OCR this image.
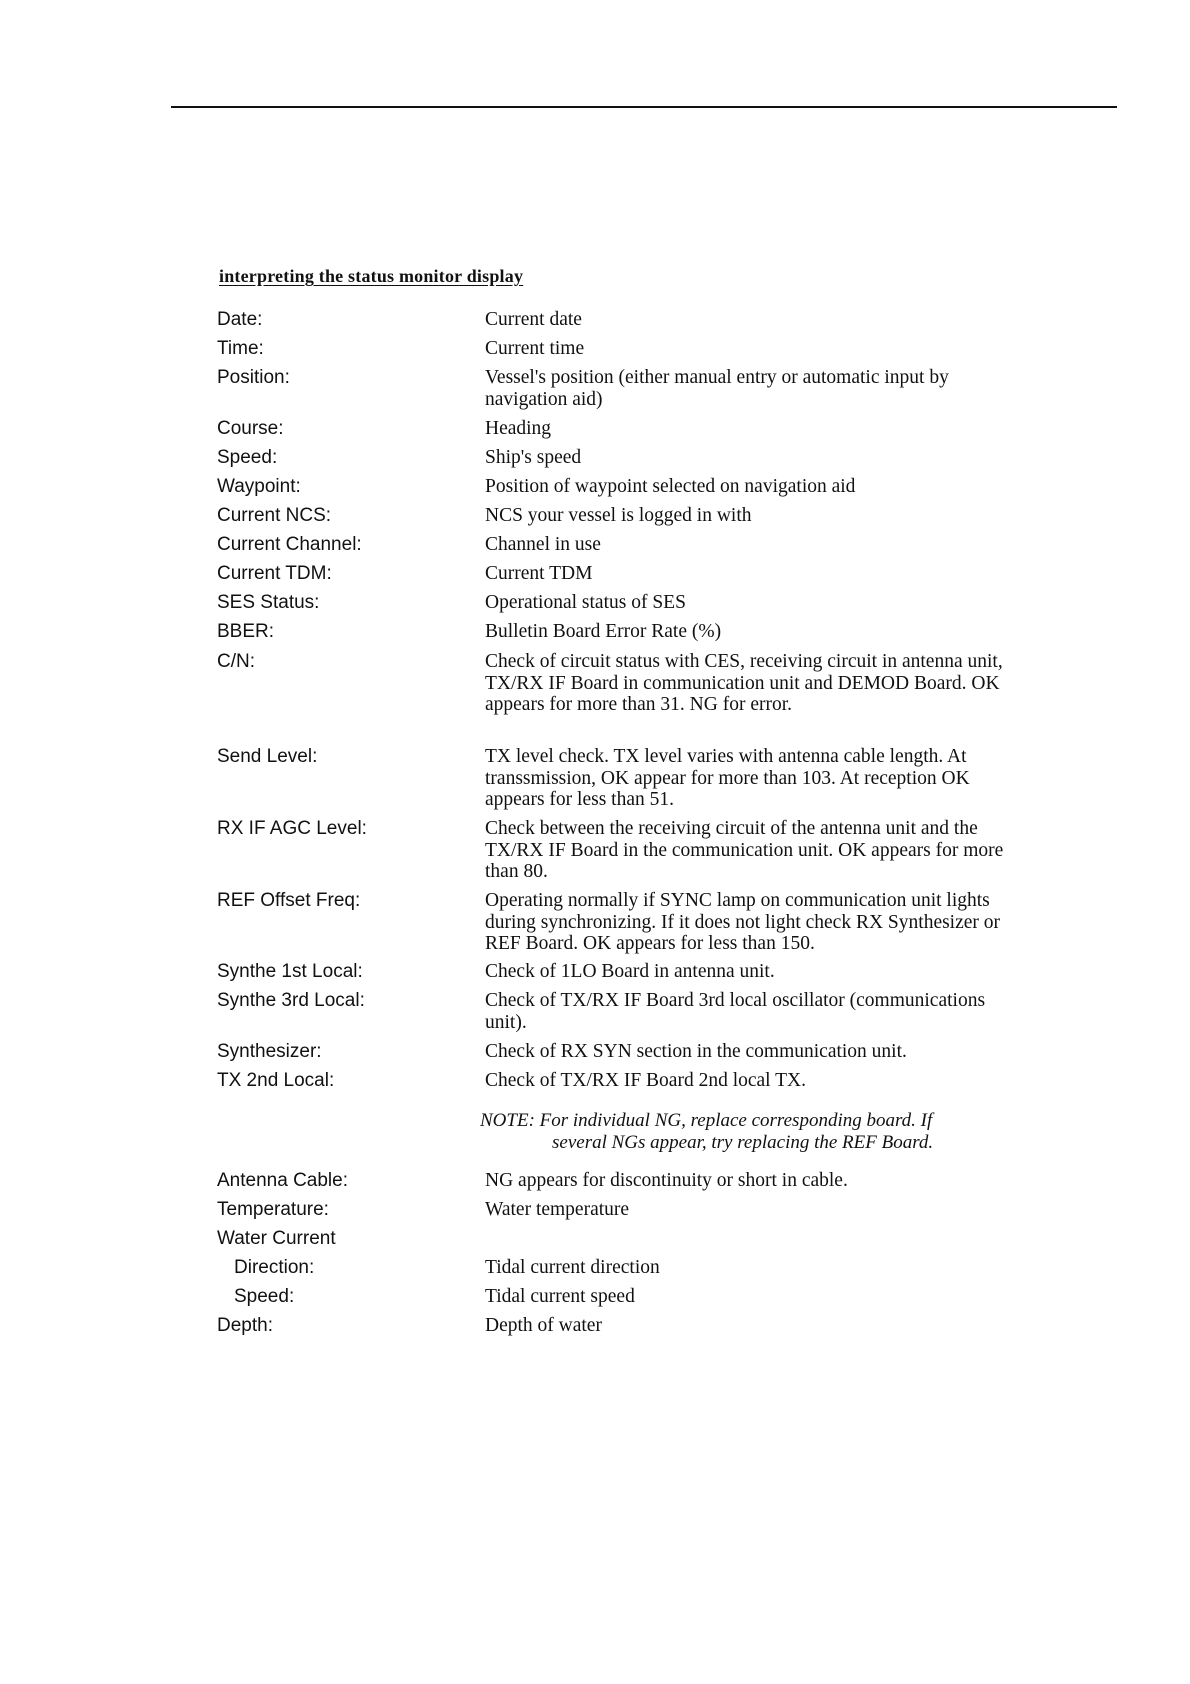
interpreting the status monitor display
Date:	Current date
Time:	Current time
Position:	Vessel's position (either manual entry or automatic input by navigation aid)
Course:	Heading
Speed:	Ship's speed
Waypoint:	Position of waypoint selected on navigation aid
Current NCS:	NCS your vessel is logged in with
Current Channel:	Channel in use
Current TDM:	Current TDM
SES Status:	Operational status of SES
BBER:	Bulletin Board Error Rate (%)
C/N:	Check of circuit status with CES, receiving circuit in antenna unit, TX/RX IF Board in communication unit and DEMOD Board. OK appears for more than 31. NG for error.
Send Level:	TX level check. TX level varies with antenna cable length. At transsmission, OK appear for more than 103. At reception OK appears for less than 51.
RX IF AGC Level:	Check between the receiving circuit of the antenna unit and the TX/RX IF Board in the communication unit. OK appears for more than 80.
REF Offset Freq:	Operating normally if SYNC lamp on communication unit lights during synchronizing. If it does not light check RX Synthesizer or REF Board. OK appears for less than 150.
Synthe 1st Local:	Check of 1LO Board in antenna unit.
Synthe 3rd Local:	Check of TX/RX IF Board 3rd local oscillator (communications unit).
Synthesizer:	Check of RX SYN section in the communication unit.
TX 2nd Local:	Check of TX/RX IF Board 2nd local TX.

NOTE: For individual NG, replace corresponding board. If
several NGs appear, try replacing the REF Board.

Antenna Cable:	NG appears for discontinuity or short in cable.
Temperature:	Water temperature
Water Current
Direction:	Tidal current direction
Speed:	Tidal current speed
Depth:	Depth of water
